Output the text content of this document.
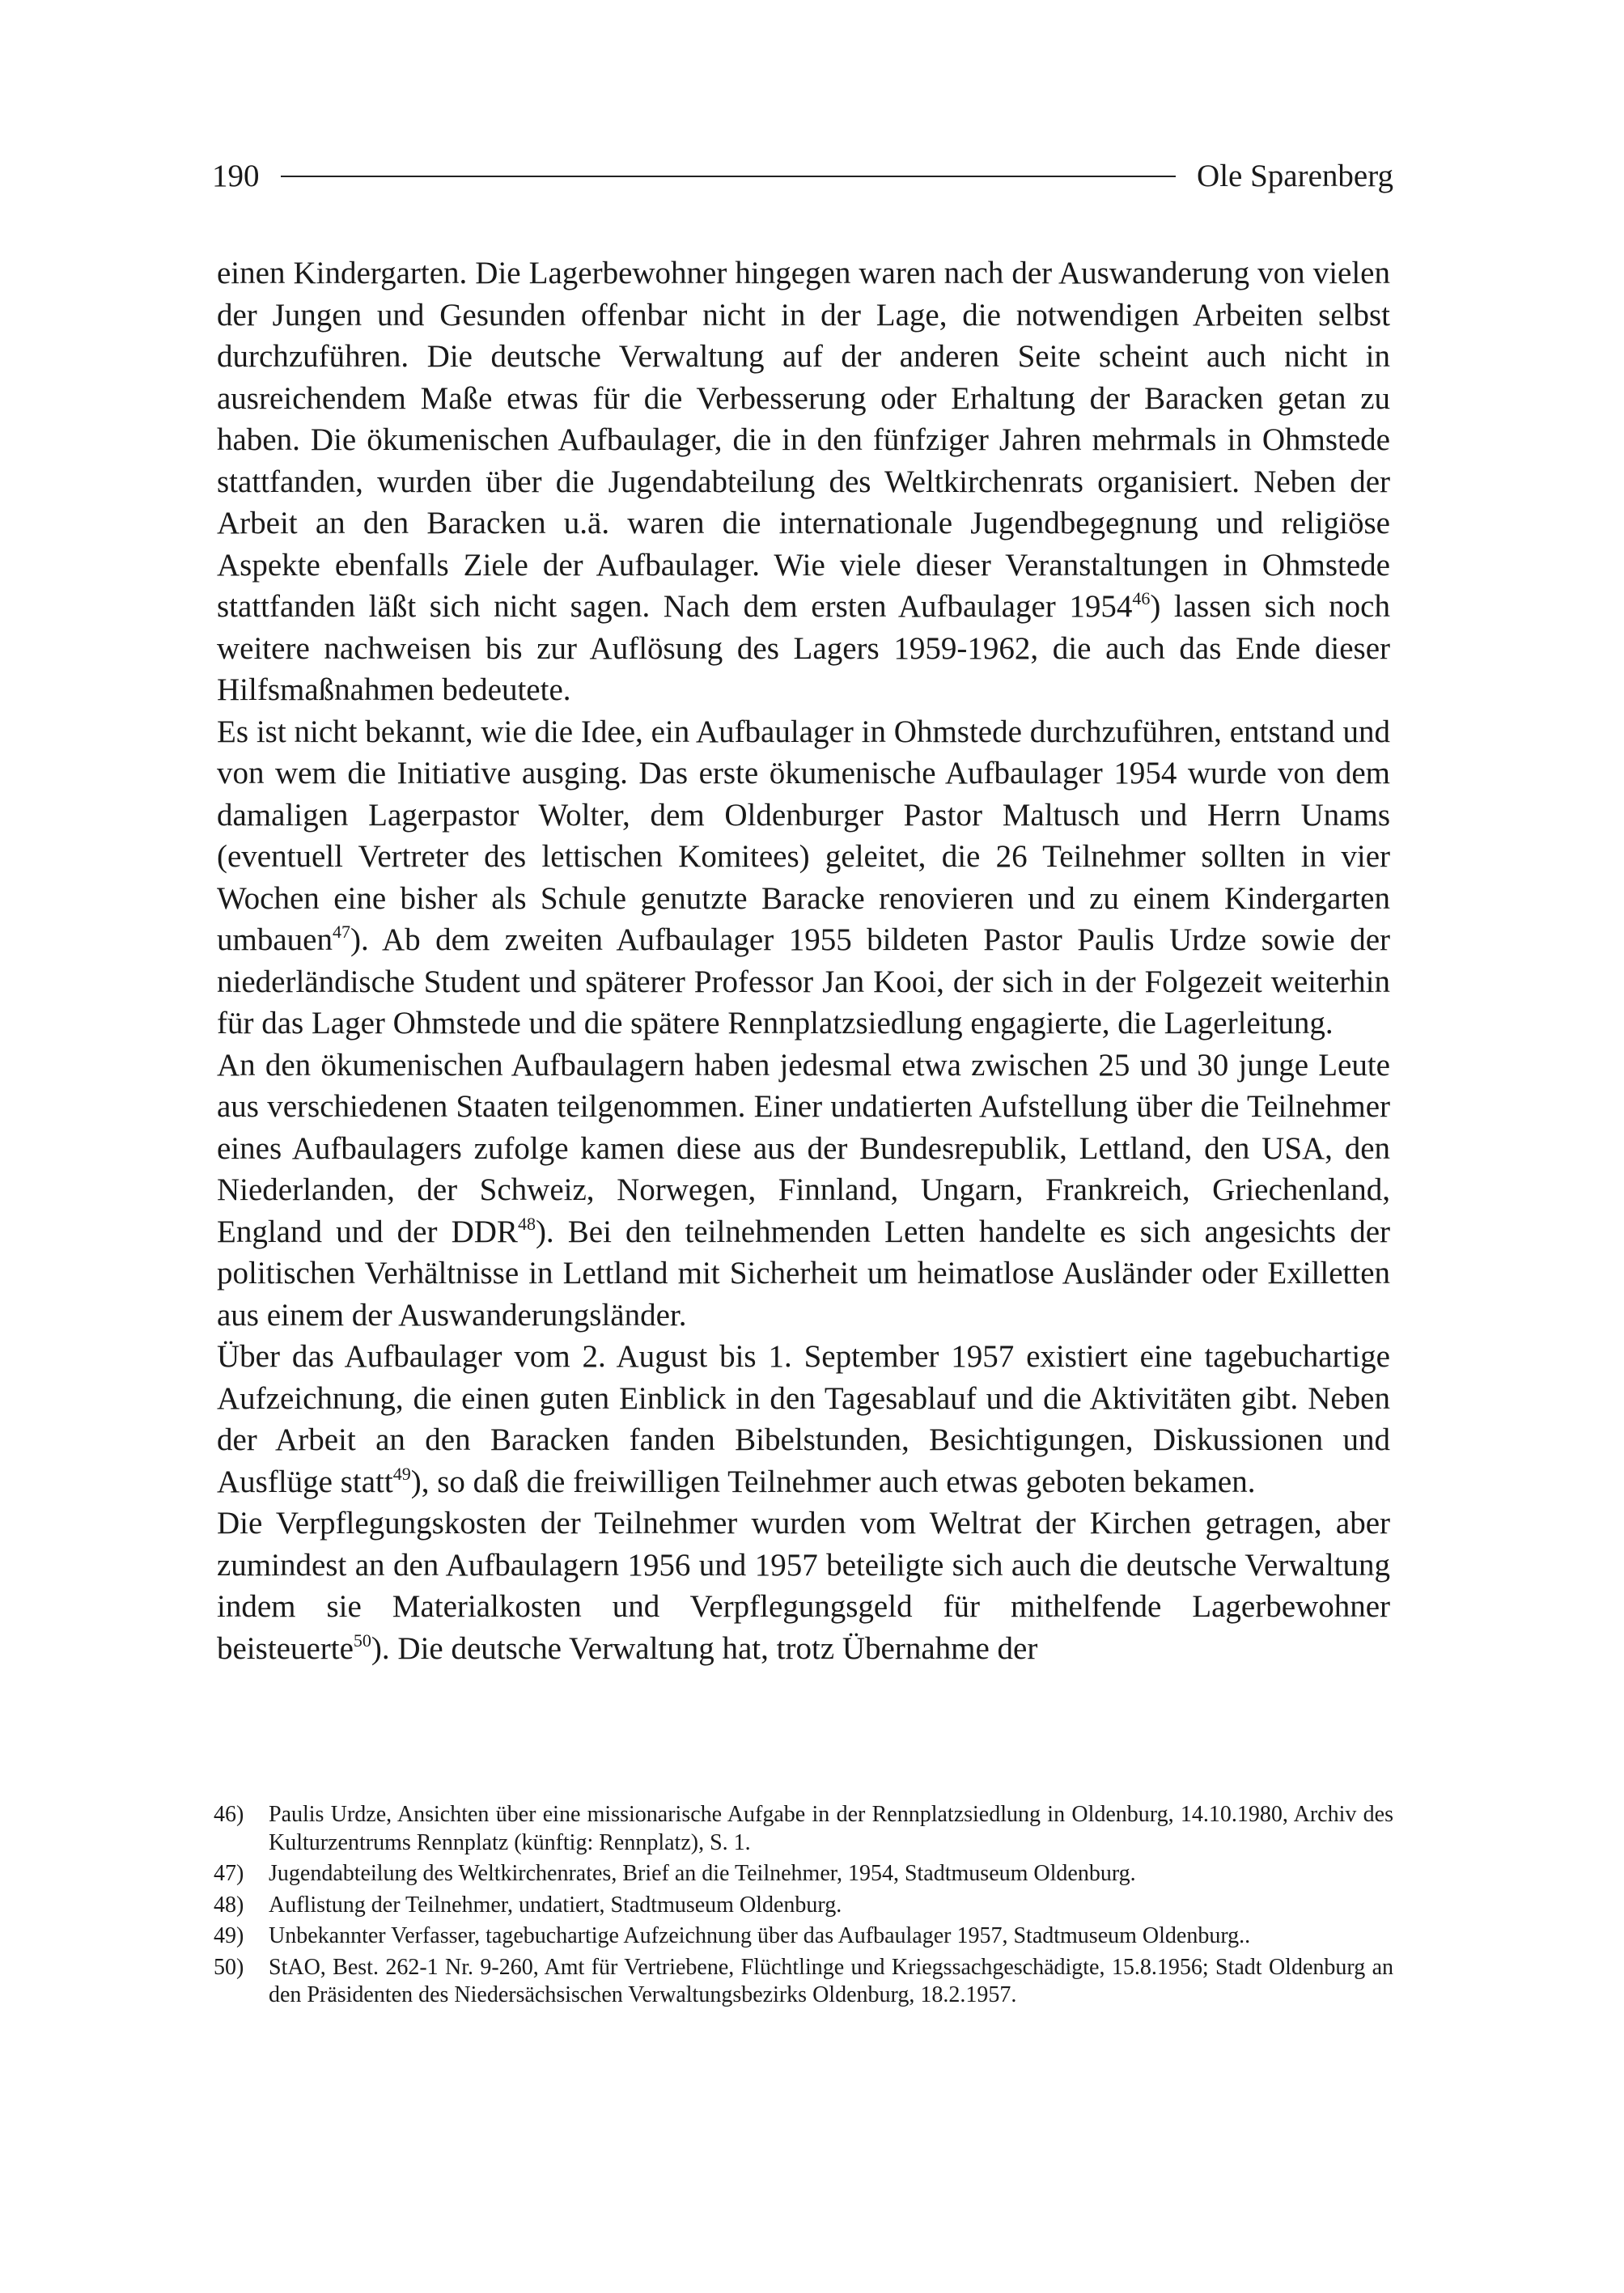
190	Ole Sparenberg

einen Kindergarten. Die Lagerbewohner hingegen waren nach der Auswanderung von vielen der Jungen und Gesunden offenbar nicht in der Lage, die notwendigen Arbeiten selbst durchzuführen. Die deutsche Verwaltung auf der anderen Seite scheint auch nicht in ausreichendem Maße etwas für die Verbesserung oder Erhaltung der Baracken getan zu haben. Die ökumenischen Aufbaulager, die in den fünfziger Jahren mehrmals in Ohmstede stattfanden, wurden über die Jugendabteilung des Weltkirchenrats organisiert. Neben der Arbeit an den Baracken u.ä. waren die internationale Jugendbegegnung und religiöse Aspekte ebenfalls Ziele der Aufbaulager. Wie viele dieser Veranstaltungen in Ohmstede stattfanden läßt sich nicht sagen. Nach dem ersten Aufbaulager 1954$^{46}$) lassen sich noch weitere nachweisen bis zur Auflösung des Lagers 1959-1962, die auch das Ende dieser Hilfsmaßnahmen bedeutete.

Es ist nicht bekannt, wie die Idee, ein Aufbaulager in Ohmstede durchzuführen, entstand und von wem die Initiative ausging. Das erste ökumenische Aufbaulager 1954 wurde von dem damaligen Lagerpastor Wolter, dem Oldenburger Pastor Maltusch und Herrn Unams (eventuell Vertreter des lettischen Komitees) geleitet, die 26 Teilnehmer sollten in vier Wochen eine bisher als Schule genutzte Baracke renovieren und zu einem Kindergarten umbauen$^{47}$). Ab dem zweiten Aufbaulager 1955 bildeten Pastor Paulis Urdze sowie der niederländische Student und späterer Professor Jan Kooi, der sich in der Folgezeit weiterhin für das Lager Ohmstede und die spätere Rennplatzsiedlung engagierte, die Lagerleitung.

An den ökumenischen Aufbaulagern haben jedesmal etwa zwischen 25 und 30 junge Leute aus verschiedenen Staaten teilgenommen. Einer undatierten Aufstellung über die Teilnehmer eines Aufbaulagers zufolge kamen diese aus der Bundesrepublik, Lettland, den USA, den Niederlanden, der Schweiz, Norwegen, Finnland, Ungarn, Frankreich, Griechenland, England und der DDR$^{48}$). Bei den teilnehmenden Letten handelte es sich angesichts der politischen Verhältnisse in Lettland mit Sicherheit um heimatlose Ausländer oder Exilletten aus einem der Auswanderungsländer.

Über das Aufbaulager vom 2. August bis 1. September 1957 existiert eine tagebuchartige Aufzeichnung, die einen guten Einblick in den Tagesablauf und die Aktivitäten gibt. Neben der Arbeit an den Baracken fanden Bibelstunden, Besichtigungen, Diskussionen und Ausflüge statt$^{49}$), so daß die freiwilligen Teilnehmer auch etwas geboten bekamen.

Die Verpflegungskosten der Teilnehmer wurden vom Weltrat der Kirchen getragen, aber zumindest an den Aufbaulagern 1956 und 1957 beteiligte sich auch die deutsche Verwaltung indem sie Materialkosten und Verpflegungsgeld für mithelfende Lagerbewohner beisteuerte$^{50}$). Die deutsche Verwaltung hat, trotz Übernahme der

46)	Paulis Urdze, Ansichten über eine missionarische Aufgabe in der Rennplatzsiedlung in Oldenburg, 14.10.1980, Archiv des Kulturzentrums Rennplatz (künftig: Rennplatz), S. 1.
47)	Jugendabteilung des Weltkirchenrates, Brief an die Teilnehmer, 1954, Stadtmuseum Oldenburg.
48)	Auflistung der Teilnehmer, undatiert, Stadtmuseum Oldenburg.
49)	Unbekannter Verfasser, tagebuchartige Aufzeichnung über das Aufbaulager 1957, Stadtmuseum Oldenburg..
50)	StAO, Best. 262-1 Nr. 9-260, Amt für Vertriebene, Flüchtlinge und Kriegssachgeschädigte, 15.8.1956; Stadt Oldenburg an den Präsidenten des Niedersächsischen Verwaltungsbezirks Oldenburg, 18.2.1957.
